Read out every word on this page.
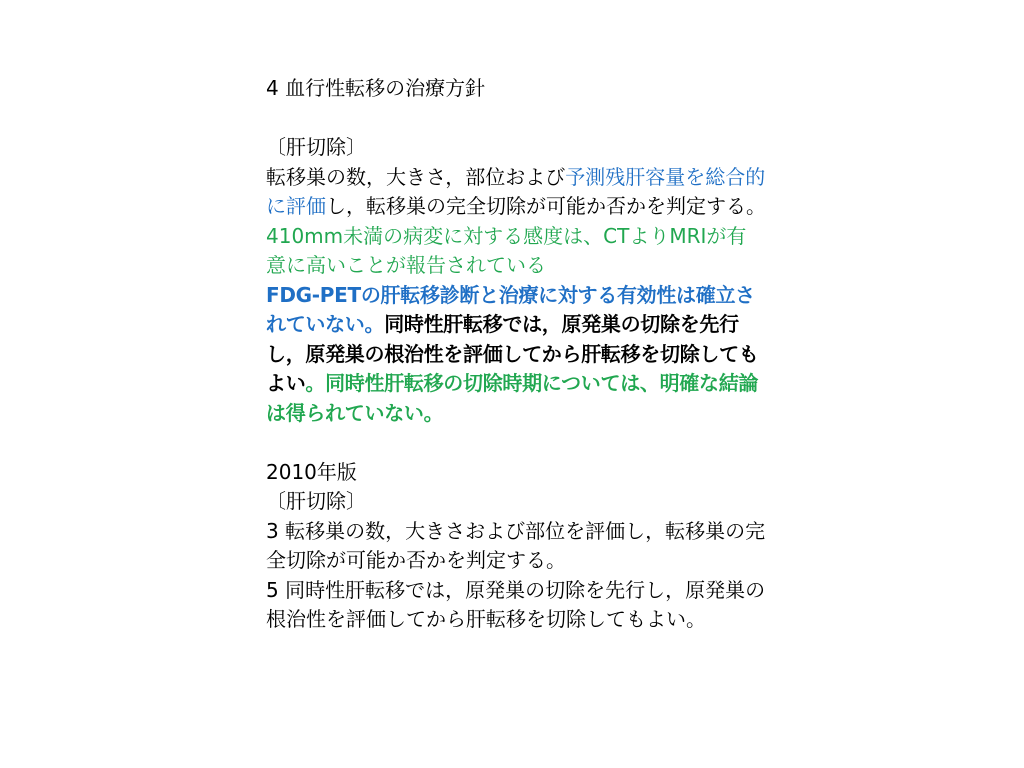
4 血行性転移の治療方針

〔肝切除〕

転移巣の数，大きさ，部位および予測残肝容量を総合的に評価し，転移巣の完全切除が可能か否かを判定する。

410mm未満の病変に対する感度は、CTよりMRIが有意に高いことが報告されている

FDG-PETの肝転移診断と治療に対する有効性は確立されていない。同時性肝転移では，原発巣の切除を先行し，原発巣の根治性を評価してから肝転移を切除してもよい。同時性肝転移の切除時期については、明確な結論は得られていない。

2010年版

〔肝切除〕

3 転移巣の数，大きさおよび部位を評価し，転移巣の完全切除が可能か否かを判定する。

5 同時性肝転移では，原発巣の切除を先行し，原発巣の根治性を評価してから肝転移を切除してもよい。
